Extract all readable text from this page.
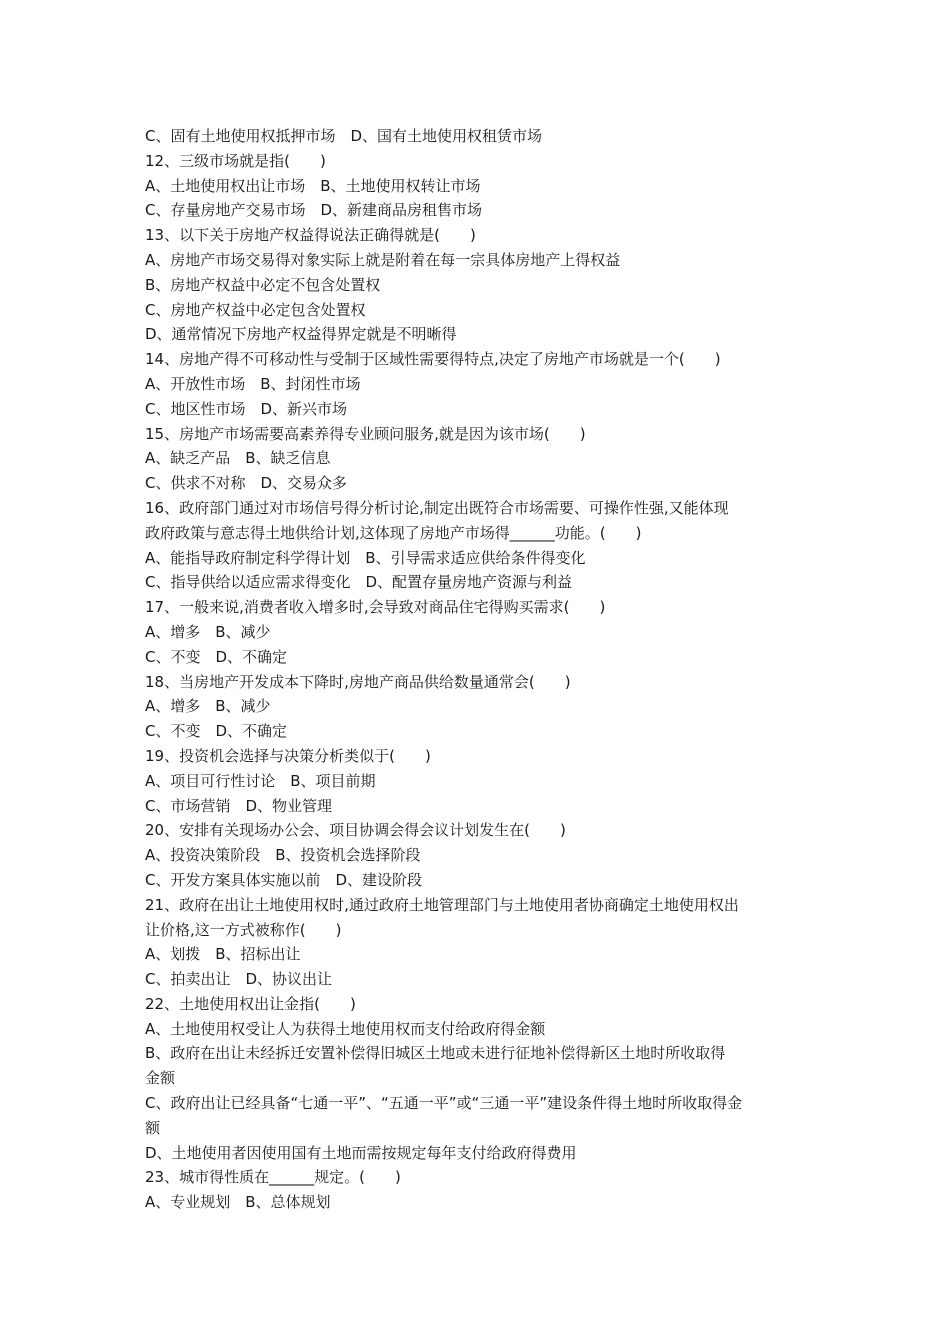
C、固有土地使用权抵押市场　D、国有土地使用权租赁市场
12、三级市场就是指(　　)
A、土地使用权出让市场　B、土地使用权转让市场
C、存量房地产交易市场　D、新建商品房租售市场
13、以下关于房地产权益得说法正确得就是(　　)
A、房地产市场交易得对象实际上就是附着在每一宗具体房地产上得权益
B、房地产权益中必定不包含处置权
C、房地产权益中必定包含处置权
D、通常情况下房地产权益得界定就是不明晰得
14、房地产得不可移动性与受制于区域性需要得特点,决定了房地产市场就是一个(　　)
A、开放性市场　B、封闭性市场
C、地区性市场　D、新兴市场
15、房地产市场需要高素养得专业顾问服务,就是因为该市场(　　)
A、缺乏产品　B、缺乏信息
C、供求不对称　D、交易众多
16、政府部门通过对市场信号得分析讨论,制定出既符合市场需要、可操作性强,又能体现
政府政策与意志得土地供给计划,这体现了房地产市场得______功能。(　　)
A、能指导政府制定科学得计划　B、引导需求适应供给条件得变化
C、指导供给以适应需求得变化　D、配置存量房地产资源与利益
17、一般来说,消费者收入增多时,会导致对商品住宅得购买需求(　　)
A、增多　B、减少
C、不变　D、不确定
18、当房地产开发成本下降时,房地产商品供给数量通常会(　　)
A、增多　B、减少
C、不变　D、不确定
19、投资机会选择与决策分析类似于(　　)
A、项目可行性讨论　B、项目前期
C、市场营销　D、物业管理
20、安排有关现场办公会、项目协调会得会议计划发生在(　　)
A、投资决策阶段　B、投资机会选择阶段
C、开发方案具体实施以前　D、建设阶段
21、政府在出让土地使用权时,通过政府土地管理部门与土地使用者协商确定土地使用权出
让价格,这一方式被称作(　　)
A、划拨　B、招标出让
C、拍卖出让　D、协议出让
22、土地使用权出让金指(　　)
A、土地使用权受让人为获得土地使用权而支付给政府得金额
B、政府在出让未经拆迁安置补偿得旧城区土地或未进行征地补偿得新区土地时所收取得
金额
C、政府出让已经具备“七通一平”、“五通一平”或“三通一平”建设条件得土地时所收取得金
额
D、土地使用者因使用国有土地而需按规定每年支付给政府得费用
23、城市得性质在______规定。(　　)
A、专业规划　B、总体规划
